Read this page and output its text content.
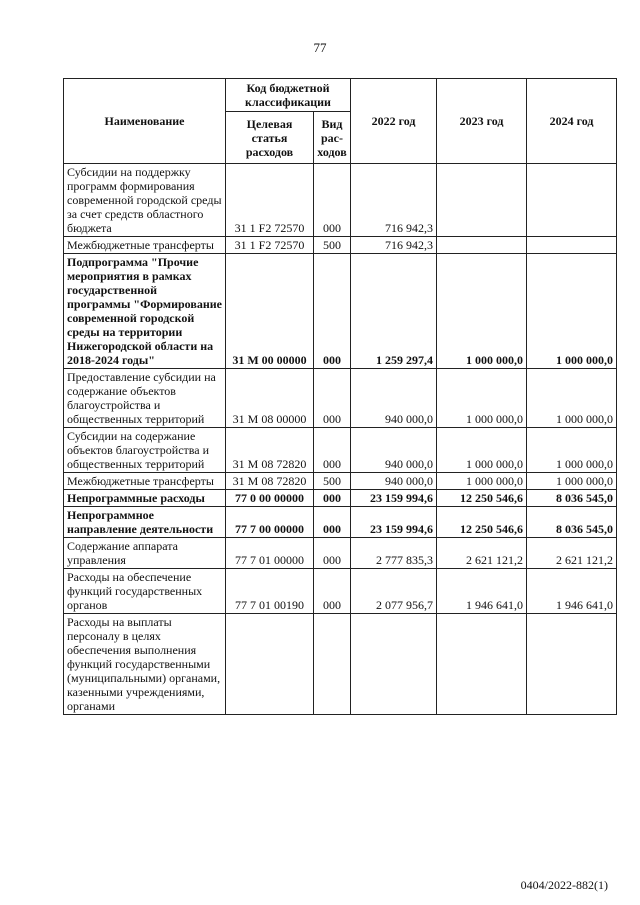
77
Наименование	Код бюджетной классификации		2022 год	2023 год	2024 год
	Целевая статья расходов	Вид рас-ходов			
Субсидии на поддержку программ формирования современной городской среды за счет средств областного бюджета	31 1 F2 72570	000	716 942,3		
Межбюджетные трансферты	31 1 F2 72570	500	716 942,3		
Подпрограмма "Прочие мероприятия в рамках государственной программы "Формирование современной городской среды на территории Нижегородской области на 2018-2024 годы"	31 М 00 00000	000	1 259 297,4	1 000 000,0	1 000 000,0
Предоставление субсидии на содержание объектов благоустройства и общественных территорий	31 М 08 00000	000	940 000,0	1 000 000,0	1 000 000,0
Субсидии на содержание объектов благоустройства и общественных территорий	31 М 08 72820	000	940 000,0	1 000 000,0	1 000 000,0
Межбюджетные трансферты	31 М 08 72820	500	940 000,0	1 000 000,0	1 000 000,0
Непрограммные расходы	77 0 00 00000	000	23 159 994,6	12 250 546,6	8 036 545,0
Непрограммное направление деятельности	77 7 00 00000	000	23 159 994,6	12 250 546,6	8 036 545,0
Содержание аппарата управления	77 7 01 00000	000	2 777 835,3	2 621 121,2	2 621 121,2
Расходы на обеспечение функций государственных органов	77 7 01 00190	000	2 077 956,7	1 946 641,0	1 946 641,0
Расходы на выплаты персоналу в целях обеспечения выполнения функций государственными (муниципальными) органами, казенными учреждениями, органами					
0404/2022-882(1)
